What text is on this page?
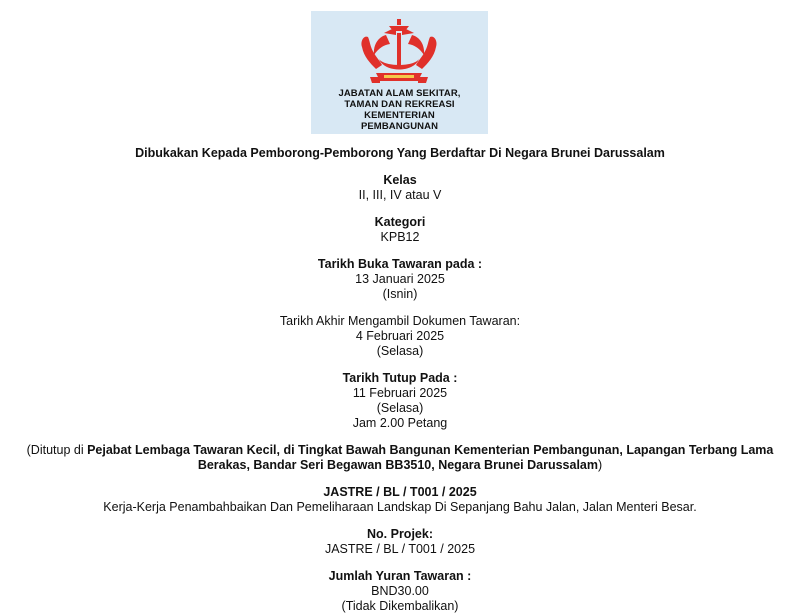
JABATAN ALAM SEKITAR,
TAMAN DAN REKREASI
KEMENTERIAN
PEMBANGUNAN
Dibukakan Kepada Pemborong-Pemborong Yang Berdaftar Di Negara Brunei Darussalam
Kelas
II, III, IV atau V
Kategori
KPB12
Tarikh Buka Tawaran pada :
13 Januari 2025
(Isnin)
Tarikh Akhir Mengambil Dokumen Tawaran:
4 Februari 2025
(Selasa)
Tarikh Tutup Pada :
11 Februari 2025
(Selasa)
Jam 2.00 Petang
(Ditutup di Pejabat Lembaga Tawaran Kecil, di Tingkat Bawah Bangunan Kementerian Pembangunan, Lapangan Terbang Lama Berakas, Bandar Seri Begawan BB3510, Negara Brunei Darussalam)
JASTRE / BL / T001 / 2025
Kerja-Kerja Penambahbaikan Dan Pemeliharaan Landskap Di Sepanjang Bahu Jalan, Jalan Menteri Besar.
No. Projek:
JASTRE / BL / T001 / 2025
Jumlah Yuran Tawaran :
BND30.00
(Tidak Dikembalikan)
